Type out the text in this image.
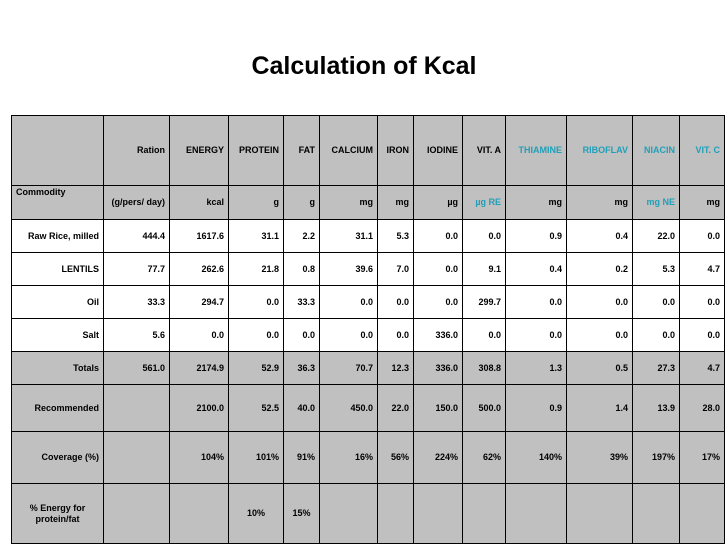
Calculation of Kcal
	Ration	ENERGY	PROTEIN	FAT	CALCIUM	IRON	IODINE	VIT. A	THIAMINE	RIBOFLAV	NIACIN	VIT. C
Commodity	(g/pers/ day)	kcal	g	g	mg	mg	µg	µg RE	mg	mg	mg NE	mg
Raw Rice, milled	444.4	1617.6	31.1	2.2	31.1	5.3	0.0	0.0	0.9	0.4	22.0	0.0
LENTILS	77.7	262.6	21.8	0.8	39.6	7.0	0.0	9.1	0.4	0.2	5.3	4.7
Oil	33.3	294.7	0.0	33.3	0.0	0.0	0.0	299.7	0.0	0.0	0.0	0.0
Salt	5.6	0.0	0.0	0.0	0.0	0.0	336.0	0.0	0.0	0.0	0.0	0.0
Totals	561.0	2174.9	52.9	36.3	70.7	12.3	336.0	308.8	1.3	0.5	27.3	4.7
Recommended		2100.0	52.5	40.0	450.0	22.0	150.0	500.0	0.9	1.4	13.9	28.0
Coverage (%)		104%	101%	91%	16%	56%	224%	62%	140%	39%	197%	17%
% Energy for protein/fat			10%	15%								
